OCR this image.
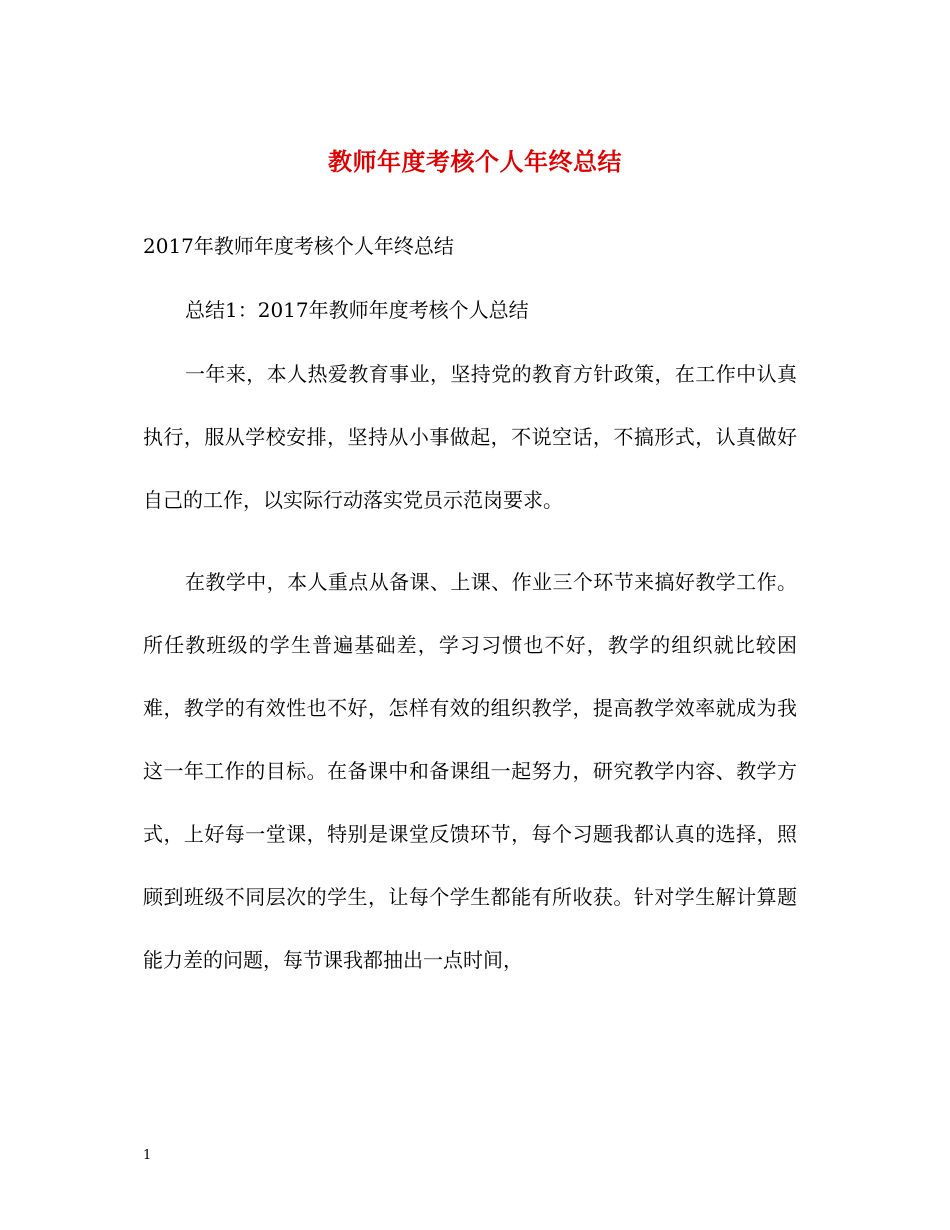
教师年度考核个人年终总结

2017年教师年度考核个人年终总结

总结1：2017年教师年度考核个人总结

一年来，本人热爱教育事业，坚持党的教育方针政策，在工作中认真执行，服从学校安排，坚持从小事做起，不说空话，不搞形式，认真做好自己的工作，以实际行动落实党员示范岗要求。

在教学中，本人重点从备课、上课、作业三个环节来搞好教学工作。所任教班级的学生普遍基础差，学习习惯也不好，教学的组织就比较困难，教学的有效性也不好，怎样有效的组织教学，提高教学效率就成为我这一年工作的目标。在备课中和备课组一起努力，研究教学内容、教学方式，上好每一堂课，特别是课堂反馈环节，每个习题我都认真的选择，照顾到班级不同层次的学生，让每个学生都能有所收获。针对学生解计算题能力差的问题，每节课我都抽出一点时间，

1
